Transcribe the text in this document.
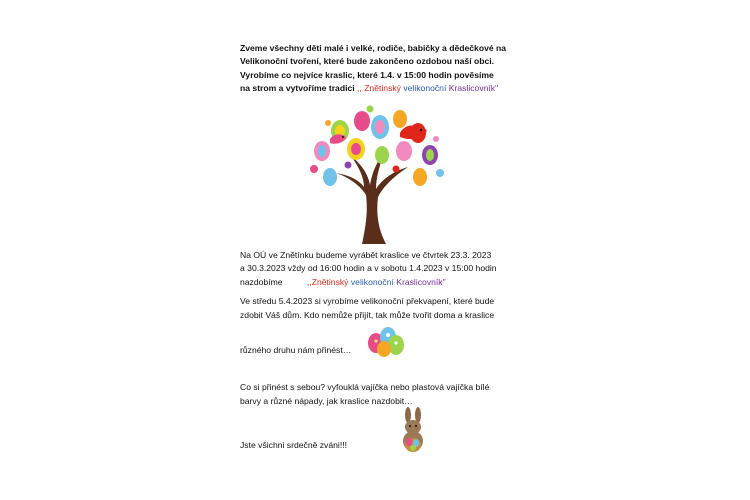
Zveme všechny děti malé i velké, rodiče, babičky a dědečkové na
Velikonoční tvoření, které bude zakončeno ozdobou naší obci.
Vyrobíme co nejvíce kraslic, které 1.4. v 15:00 hodin pověsíme
na strom a vytvoříme tradici ,, Znětinský velikonoční Kraslicovník"
Na OÚ ve Znětínku budeme vyrábět kraslice ve čtvrtek 23.3. 2023
a 30.3.2023 vždy od 16:00 hodin a v sobotu 1.4.2023 v 15:00 hodin
nazdobíme	,,Znětinský velikonoční Kraslicovník"
Ve středu 5.4.2023 si vyrobíme velikonoční překvapení, které bude
zdobit Váš dům. Kdo nemůže přijít, tak může tvořit doma a kraslice
různého druhu nám přinést…
Co si přinést s sebou? vyfouklá vajíčka nebo plastová vajíčka bílé
barvy a různé nápady, jak kraslice nazdobit…
Jste všichni srdečně zváni!!!
